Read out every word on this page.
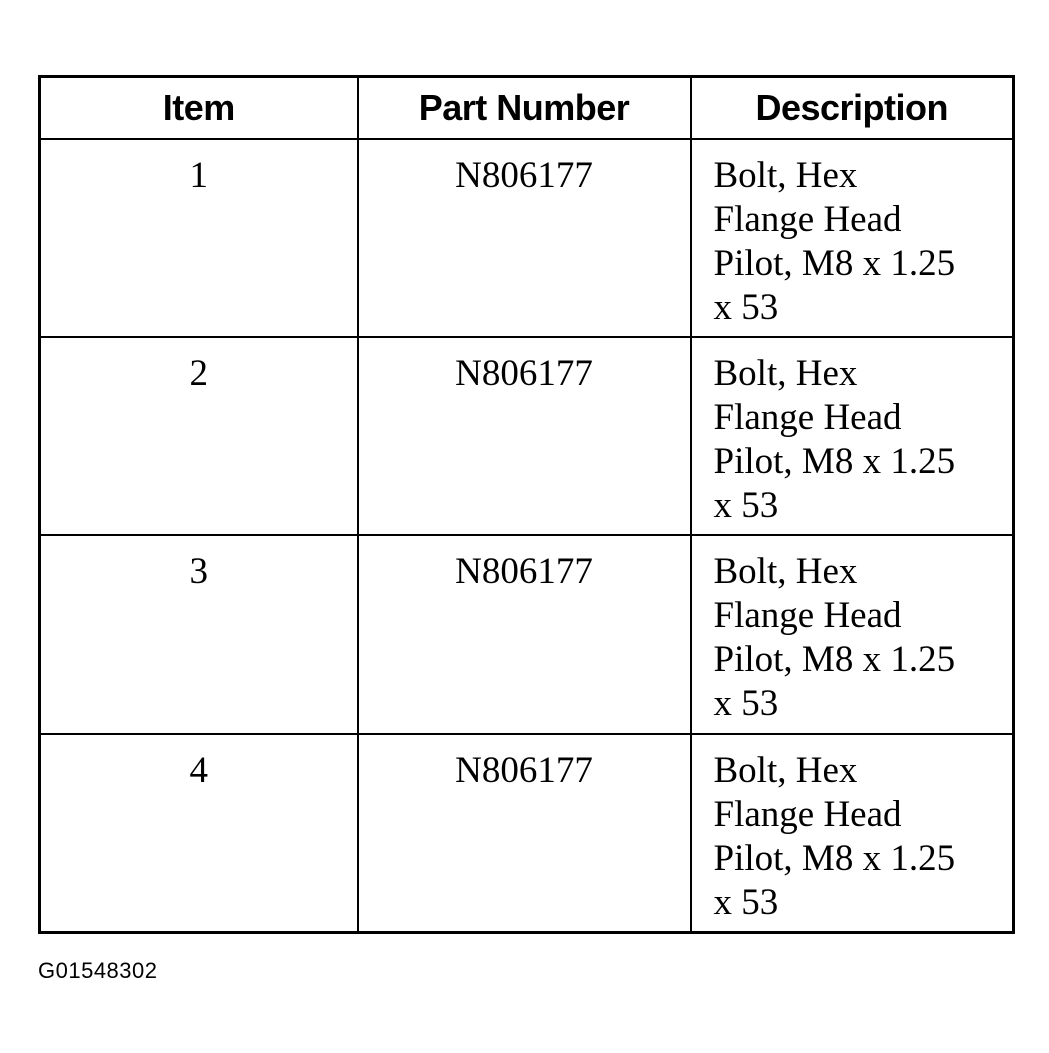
Item	Part Number	Description
1	N806177	Bolt, Hex
Flange Head
Pilot, M8 x 1.25
x 53

2	N806177	Bolt, Hex
Flange Head
Pilot, M8 x 1.25
x 53

3	N806177	Bolt, Hex
Flange Head
Pilot, M8 x 1.25
x 53

4	N806177	Bolt, Hex
Flange Head
Pilot, M8 x 1.25
x 53
G01548302
